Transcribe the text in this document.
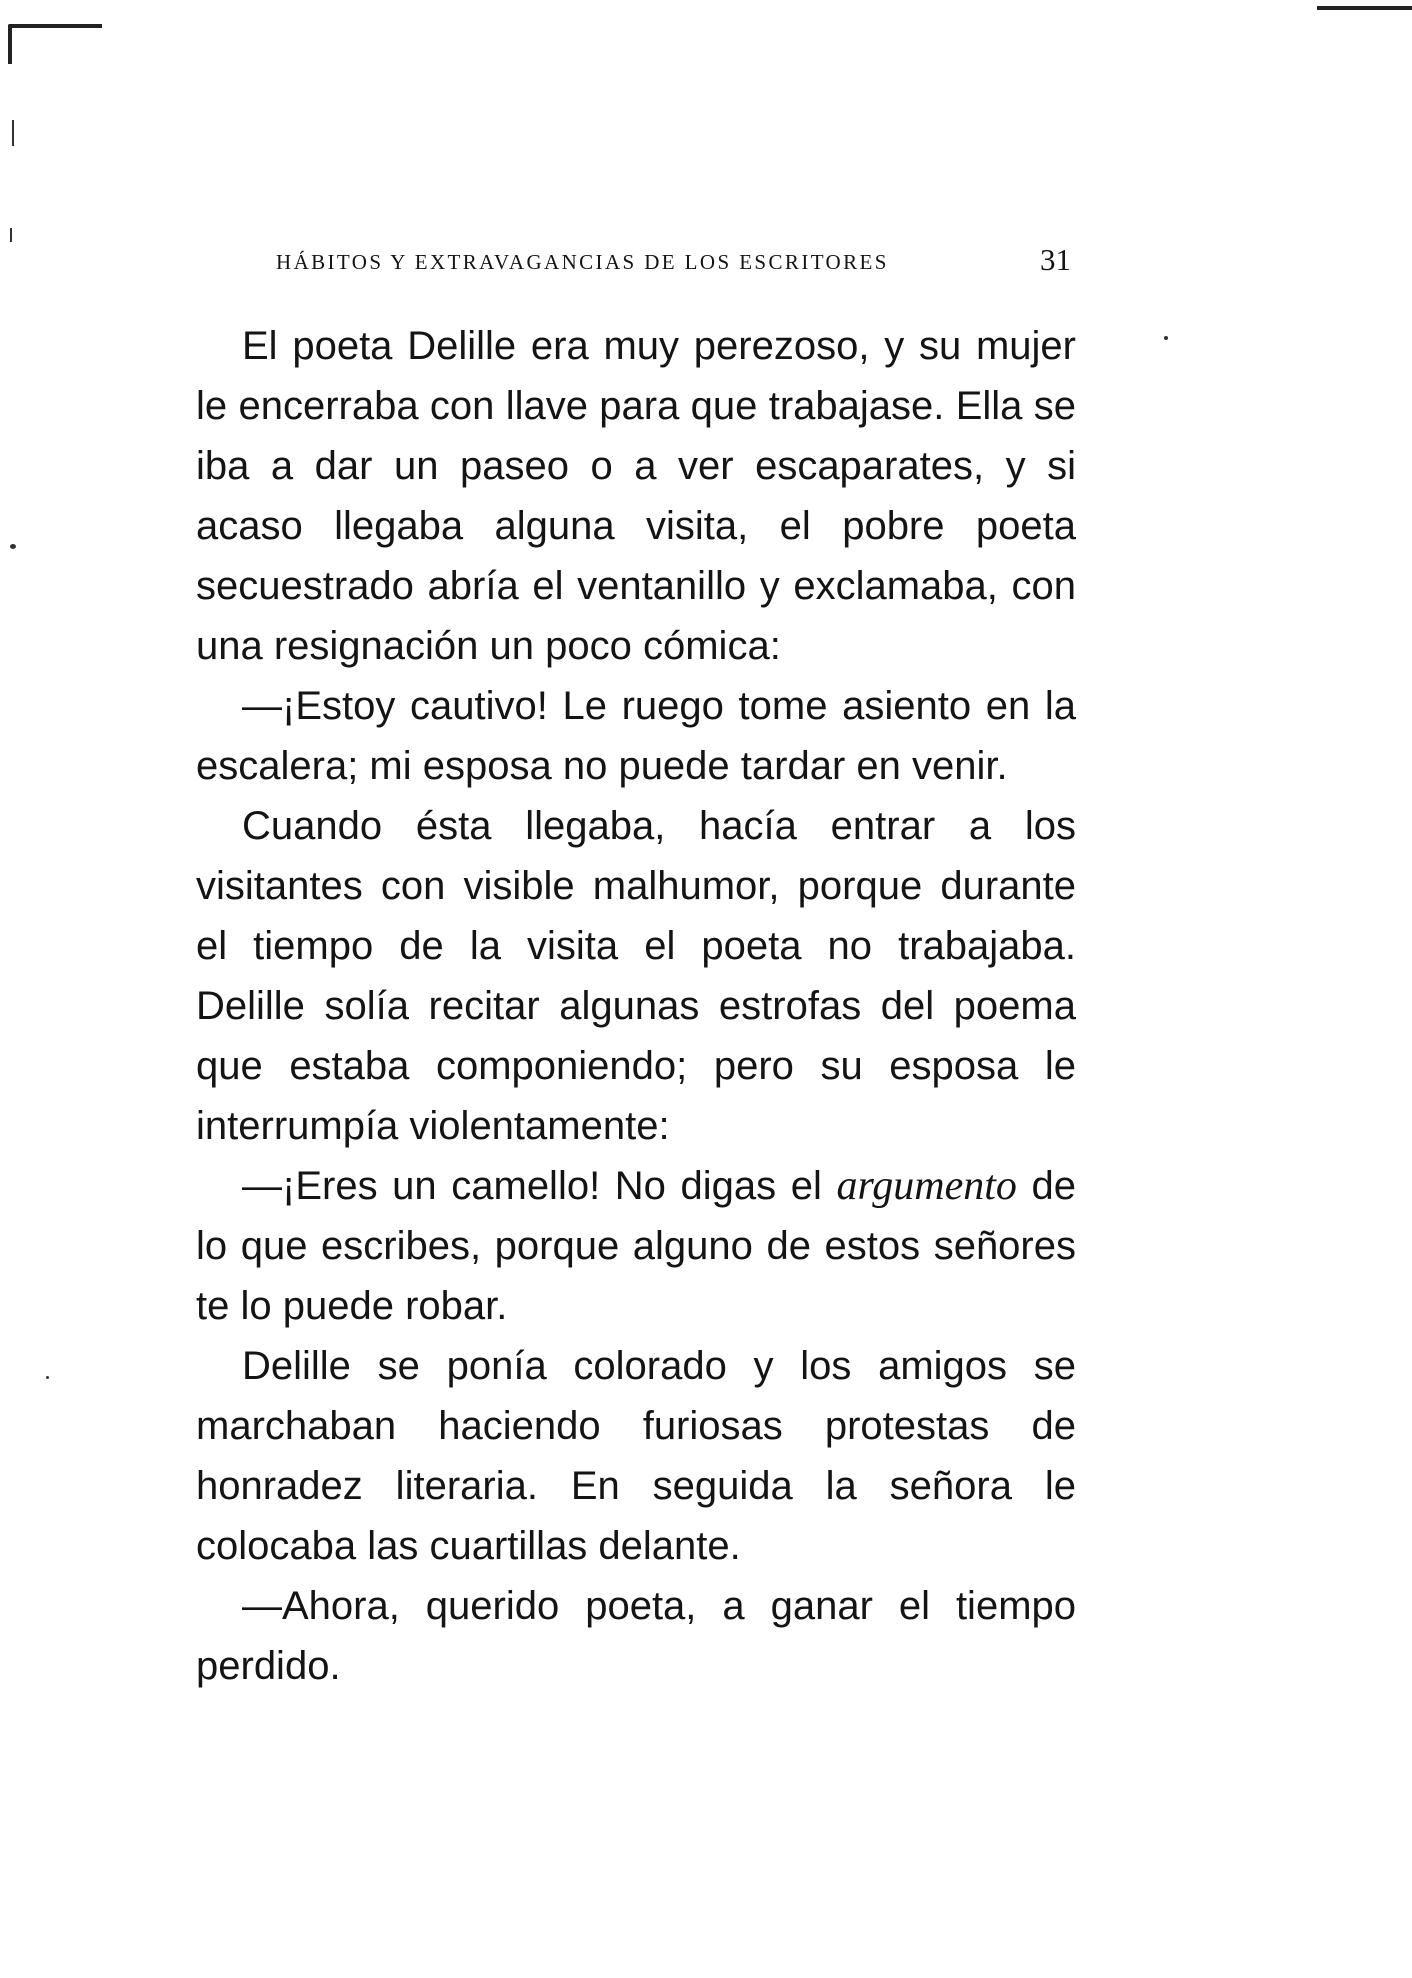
HÁBITOS Y EXTRAVAGANCIAS DE LOS ESCRITORES	31

El poeta Delille era muy perezoso, y su mujer le encerraba con llave para que trabajase. Ella se iba a dar un paseo o a ver escaparates, y si acaso llegaba alguna visita, el pobre poeta secuestrado abría el ventanillo y exclamaba, con una resignación un poco cómica:

—¡Estoy cautivo! Le ruego tome asiento en la escalera; mi esposa no puede tardar en venir.

Cuando ésta llegaba, hacía entrar a los visitantes con visible malhumor, porque durante el tiempo de la visita el poeta no trabajaba. Delille solía recitar algunas estrofas del poema que estaba componiendo; pero su esposa le interrumpía violentamente:

—¡Eres un camello! No digas el argumento de lo que escribes, porque alguno de estos señores te lo puede robar.

Delille se ponía colorado y los amigos se marchaban haciendo furiosas protestas de honradez literaria. En seguida la señora le colocaba las cuartillas delante.

—Ahora, querido poeta, a ganar el tiempo perdido.
